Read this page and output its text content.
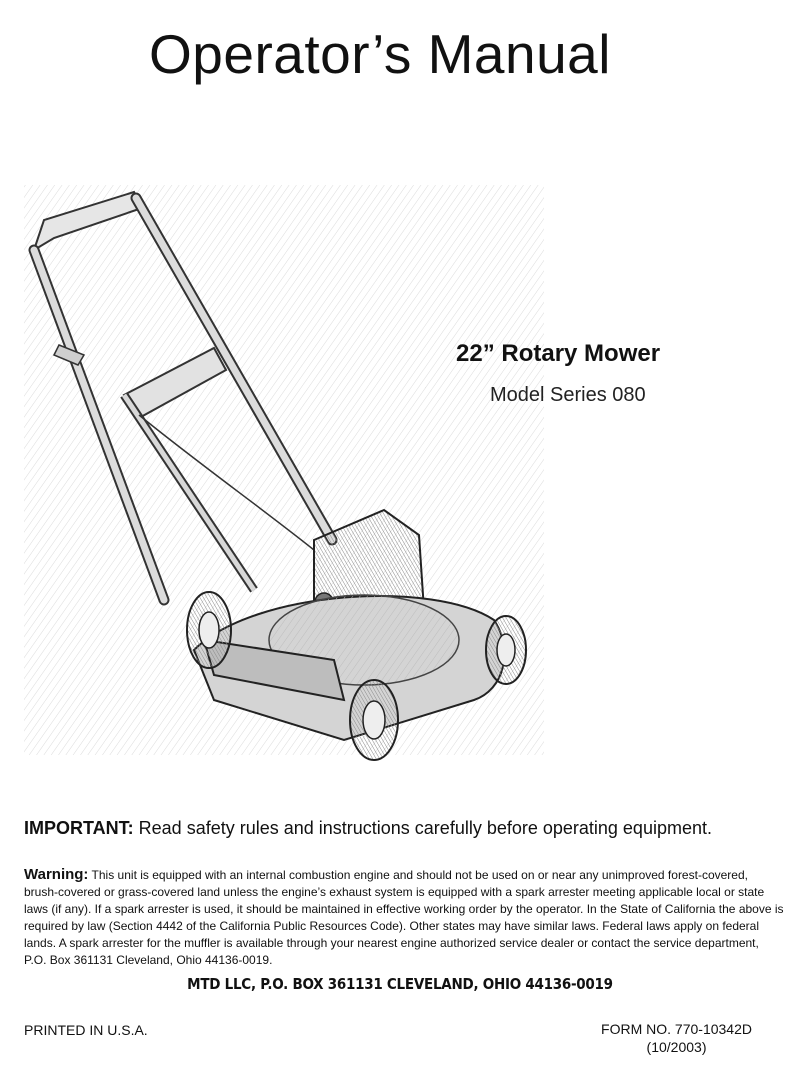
Operator’s Manual
22” Rotary Mower
Model Series 080
IMPORTANT: Read safety rules and instructions carefully before operating equipment.
Warning: This unit is equipped with an internal combustion engine and should not be used on or near any unimproved forest-covered, brush-covered or grass-covered land unless the engine’s exhaust system is equipped with a spark arrester meeting applicable local or state laws (if any). If a spark arrester is used, it should be maintained in effective working order by the operator. In the State of California the above is required by law (Section 4442 of the California Public Resources Code). Other states may have similar laws. Federal laws apply on federal lands. A spark arrester for the muffler is available through your nearest engine authorized service dealer or contact the service department, P.O. Box 361131 Cleveland, Ohio 44136-0019.
MTD LLC, P.O. BOX 361131 CLEVELAND, OHIO 44136-0019
PRINTED IN U.S.A.	FORM NO. 770-10342D
(10/2003)
